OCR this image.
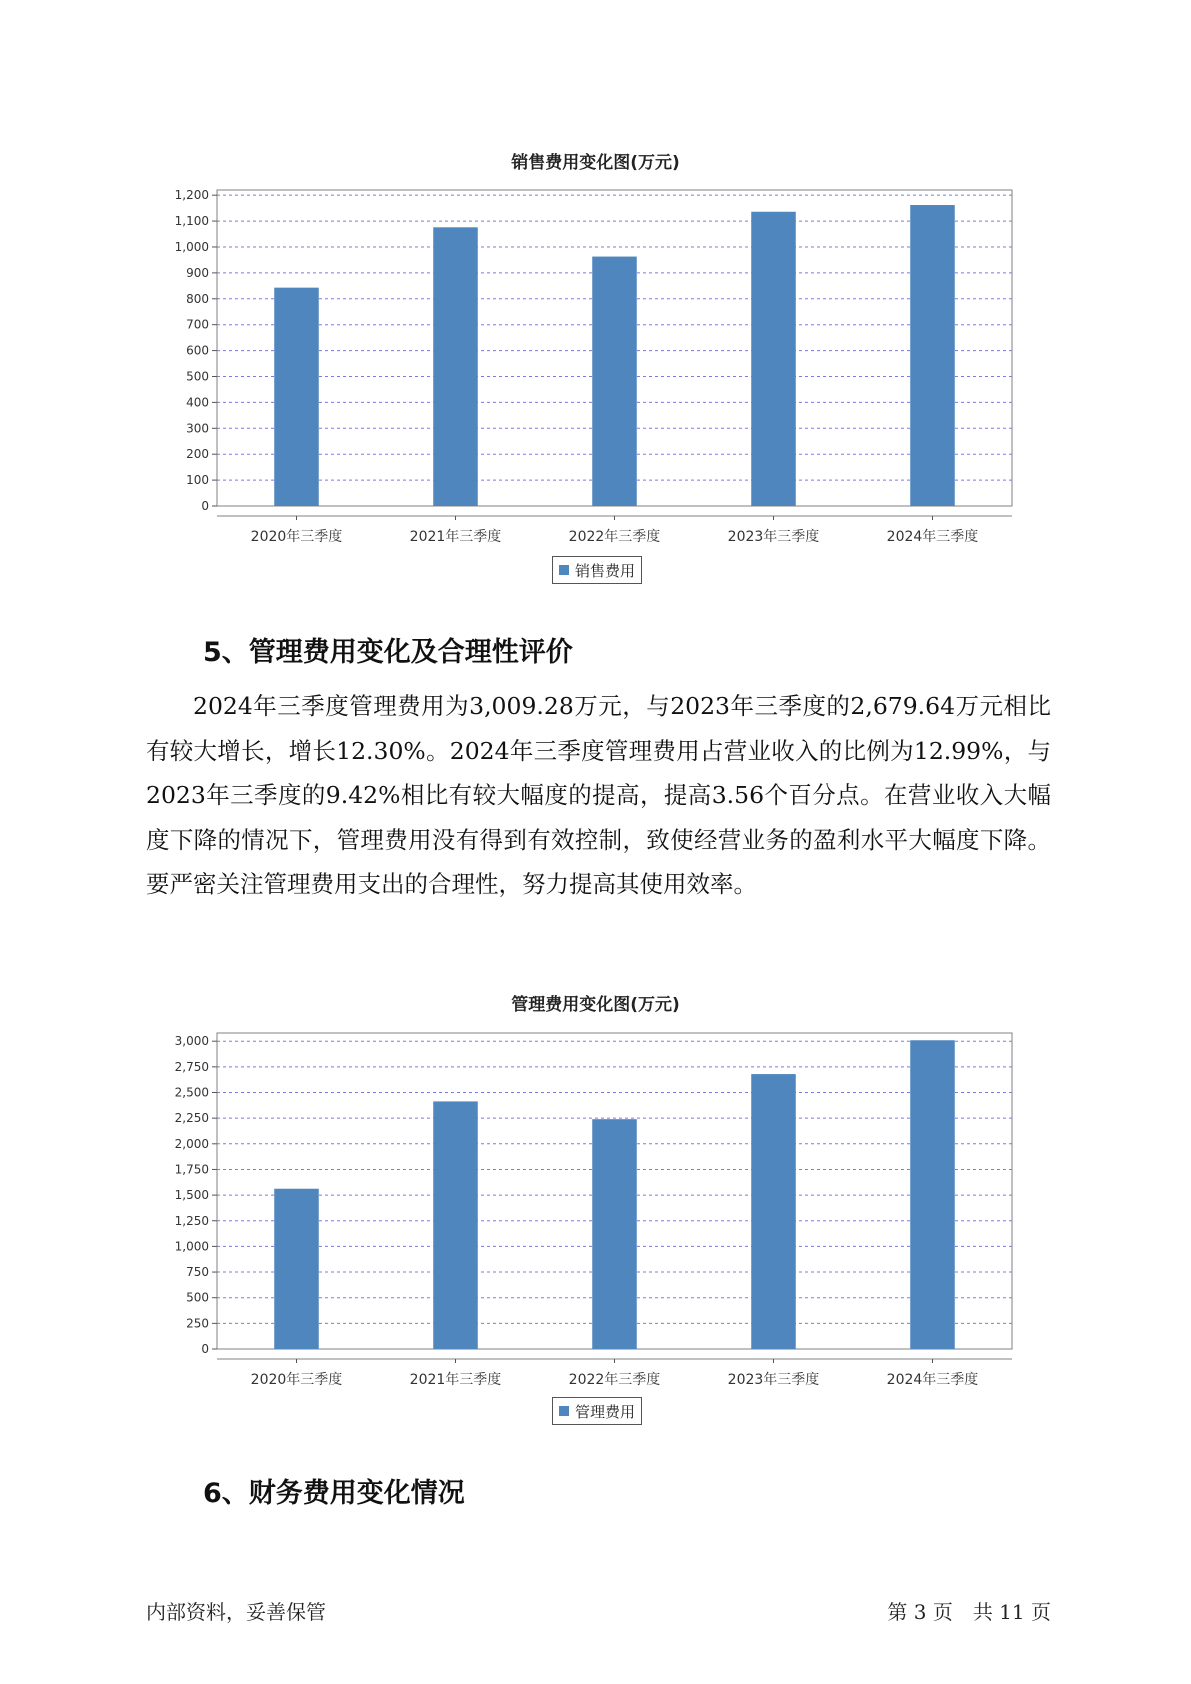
销售费用变化图(万元)
0
100
200
300
400
500
600
700
800
900
1,000
1,100
1,200
2020年三季度	2021年三季度	2022年三季度	2023年三季度	2024年三季度
销售费用
5、管理费用变化及合理性评价

2024年三季度管理费用为3,009.28万元，与2023年三季度的2,679.64万元相比有较大增长，增长12.30%。2024年三季度管理费用占营业收入的比例为12.99%，与2023年三季度的9.42%相比有较大幅度的提高，提高3.56个百分点。在营业收入大幅度下降的情况下，管理费用没有得到有效控制，致使经营业务的盈利水平大幅度下降。要严密关注管理费用支出的合理性，努力提高其使用效率。

管理费用变化图(万元)
0
250
500
750
1,000
1,250
1,500
1,750
2,000
2,250
2,500
2,750
3,000
2020年三季度	2021年三季度	2022年三季度	2023年三季度	2024年三季度
管理费用
6、财务费用变化情况
内部资料，妥善保管	第 3 页　共 11 页
